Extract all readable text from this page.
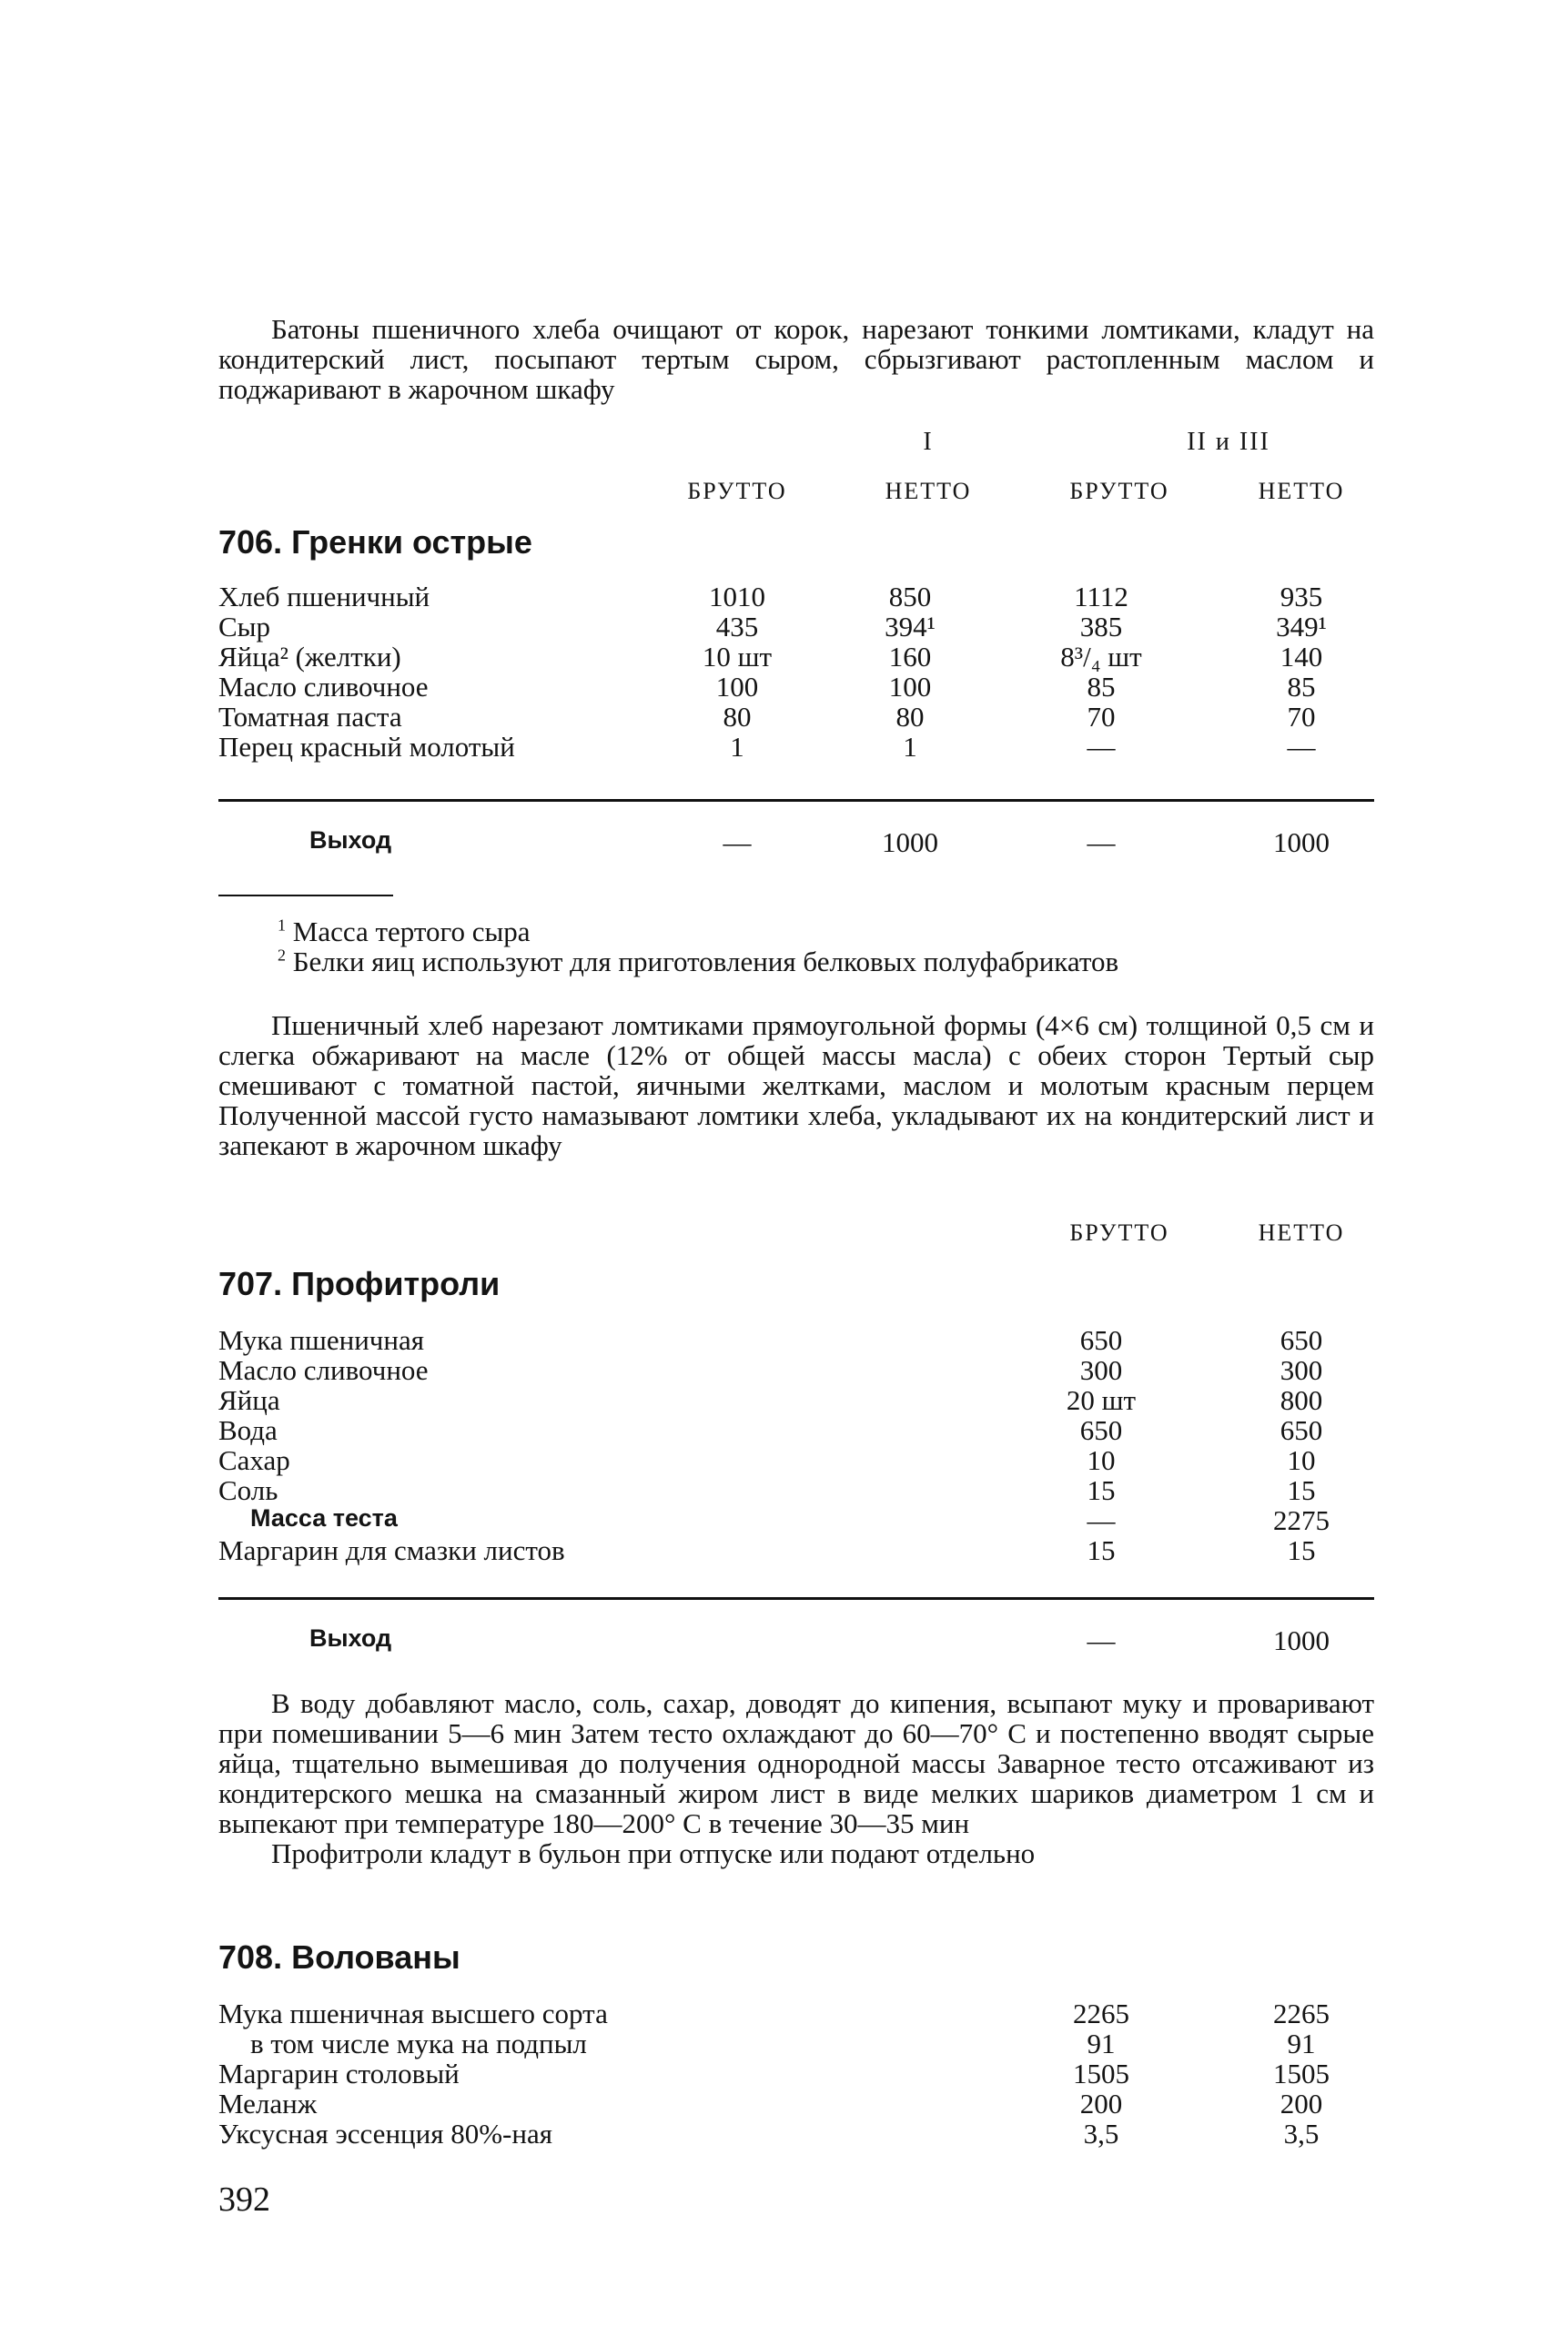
Батоны пшеничного хлеба очищают от корок, нарезают тонкими ломтиками, кладут на кондитерский лист, посыпают тертым сыром, сбрызгивают растопленным маслом и поджаривают в жарочном шкафу

I	II и III
БРУТТО	НЕТТО	БРУТТО	НЕТТО
706. Гренки острые
Хлеб пшеничный	1010	850	1112	935
Сыр	435	394¹	385	349¹
Яйца² (желтки)	10 шт	160	8³/₄ шт	140
Масло сливочное	100	100	85	85
Томатная паста	80	80	70	70
Перец красный молотый	1	1	—	—
Выход	—	1000	—	1000
$^1$ Масса тертого сыра
$^2$ Белки яиц используют для приготовления белковых полуфабрикатов

Пшеничный хлеб нарезают ломтиками прямоугольной формы (4×6 см) толщиной 0,5 см и слегка обжаривают на масле (12% от общей массы масла) с обеих сторон Тертый сыр смешивают с томатной пастой, яичными желтками, маслом и молотым красным перцем Полученной массой густо намазывают ломтики хлеба, укладывают их на кондитерский лист и запекают в жарочном шкафу

БРУТТО	НЕТТО
707. Профитроли
Мука пшеничная	650	650
Масло сливочное	300	300
Яйца	20 шт	800
Вода	650	650
Сахар	10	10
Соль	15	15
Масса теста	—	2275
Маргарин для смазки листов	15	15
Выход	—	1000

В воду добавляют масло, соль, сахар, доводят до кипения, всыпают муку и проваривают при помешивании 5—6 мин Затем тесто охлаждают до 60—70° С и постепенно вводят сырые яйца, тщательно вымешивая до получения однородной массы Заварное тесто отсаживают из кондитерского мешка на смазанный жиром лист в виде мелких шариков диаметром 1 см и выпекают при температуре 180—200° С в течение 30—35 мин

Профитроли кладут в бульон при отпуске или подают отдельно

708. Волованы
Мука пшеничная высшего сорта	2265	2265
в том числе мука на подпыл	91	91
Маргарин столовый	1505	1505
Меланж	200	200
Уксусная эссенция 80%-ная	3,5	3,5
392
